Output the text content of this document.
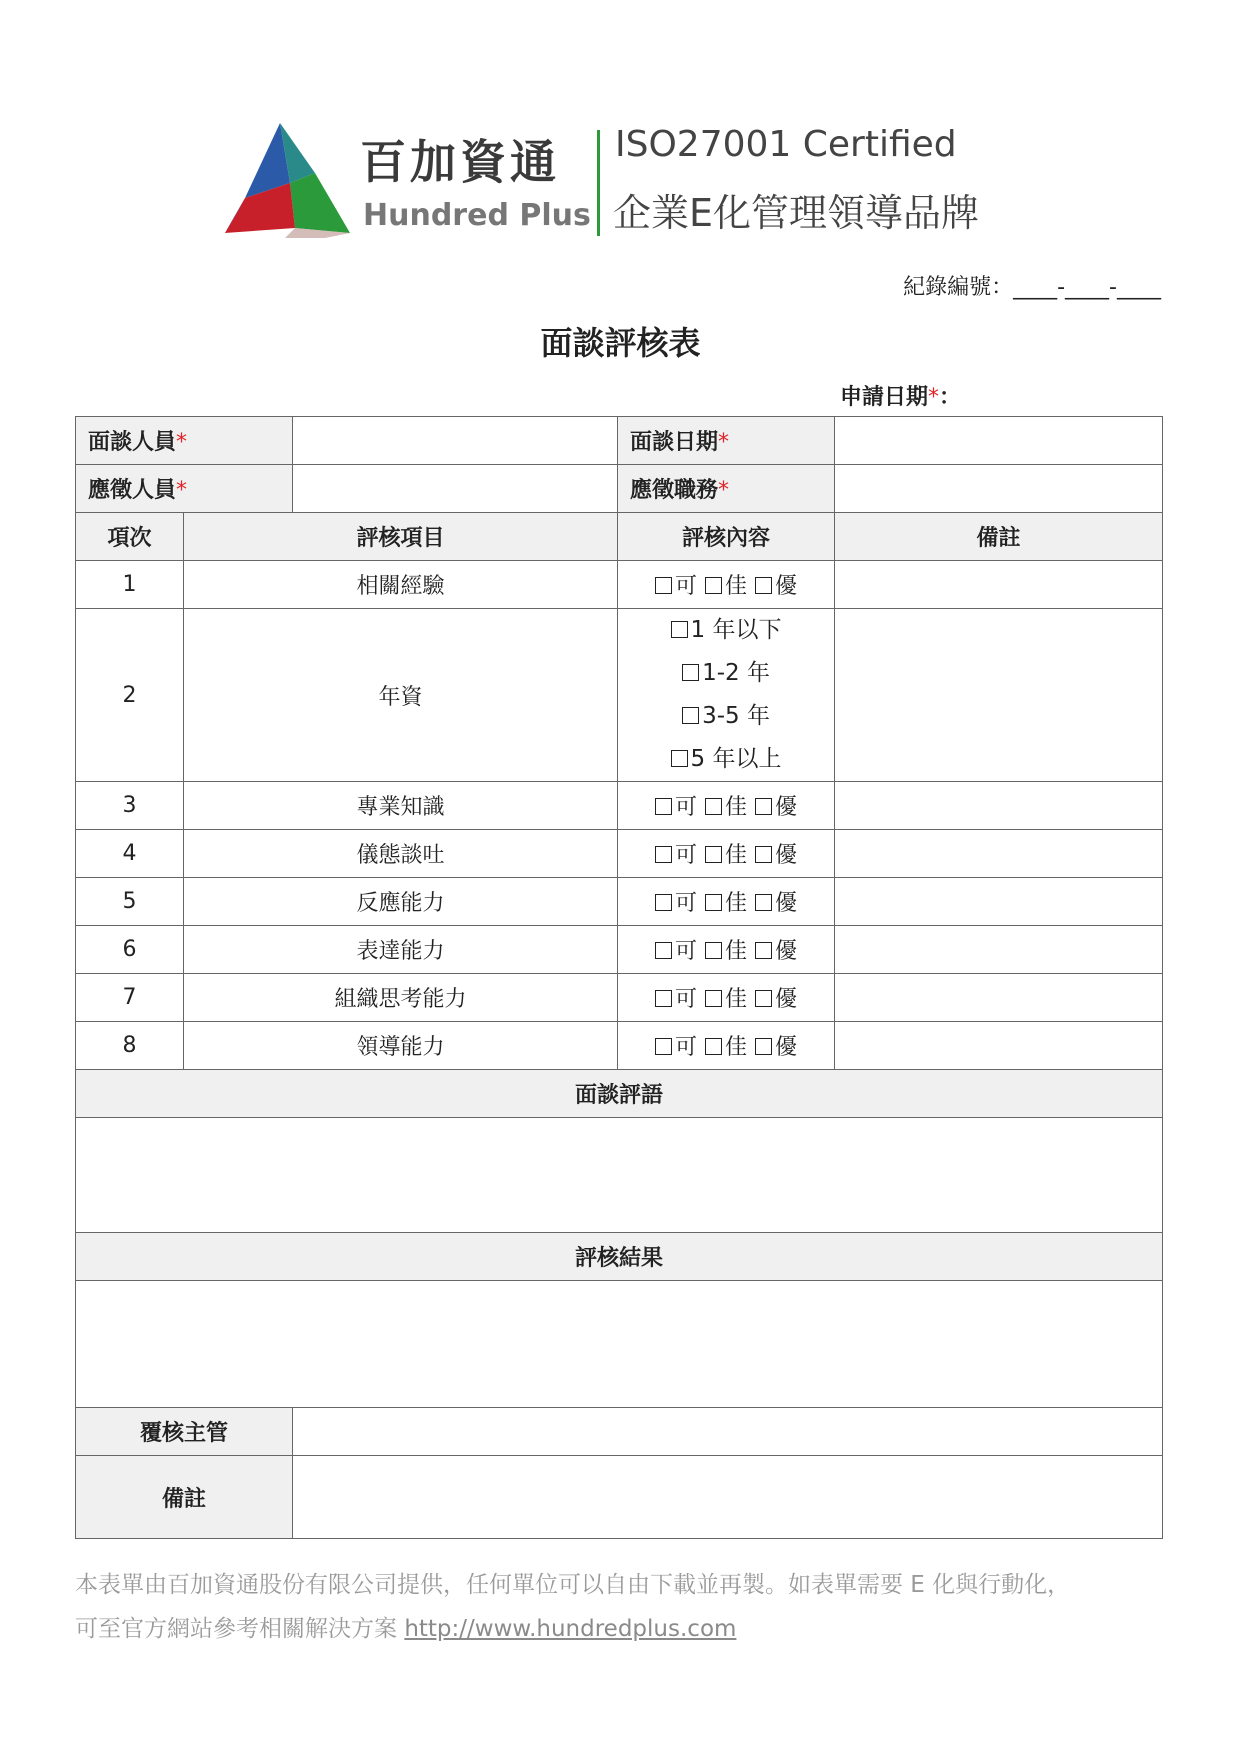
百加資通
Hundred Plus
ISO27001 Certified
企業E化管理領導品牌
紀錄編號：____-____-____
面談評核表
申請日期*：
面談人員*			面談日期*	
應徵人員*			應徵職務*	
項次	評核項目		評核內容	備註
1	相關經驗		可 佳 優	
2	年資		1 年以下
1-2 年
3-5 年
5 年以上	

3	專業知識		可 佳 優	
4	儀態談吐		可 佳 優	
5	反應能力		可 佳 優	
6	表達能力		可 佳 優	
7	組織思考能力		可 佳 優	
8	領導能力		可 佳 優	
面談評語				

評核結果				

覆核主管				
備註				
本表單由百加資通股份有限公司提供，任何單位可以自由下載並再製。如表單需要 E 化與行動化，
可至官方網站參考相關解決方案 http://www.hundredplus.com
